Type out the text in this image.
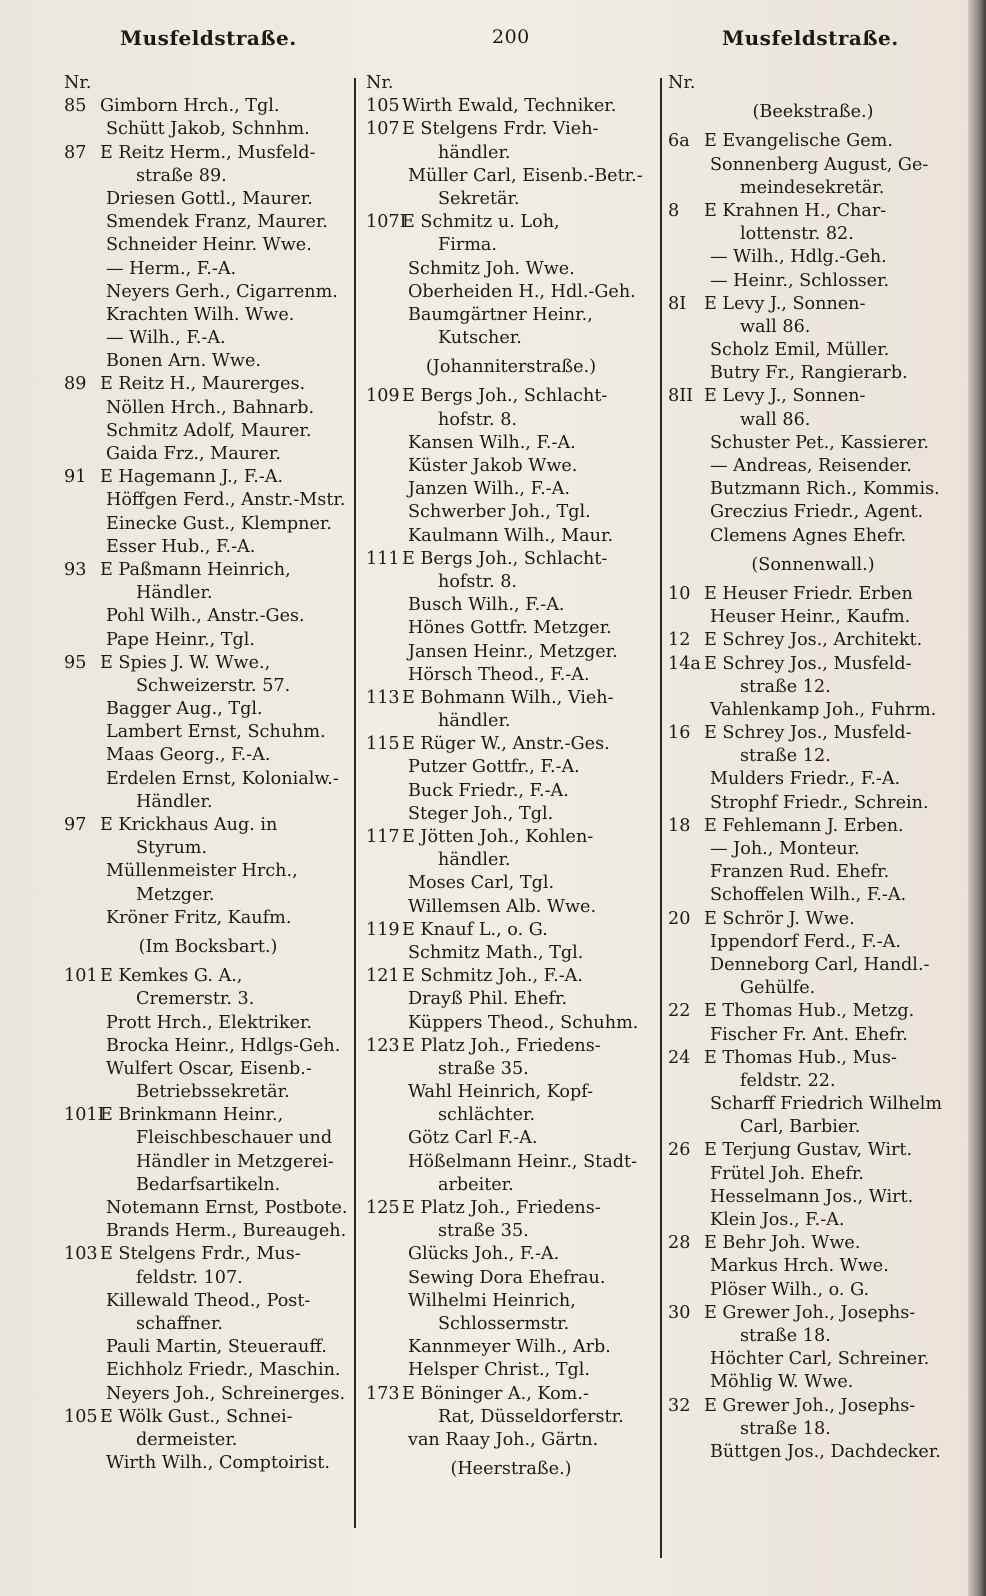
Musfeldstraße.	200	Musfeldstraße.
Nr.
85 Gimborn Hrch., Tgl.
Schütt Jakob, Schnhm.
87 E Reitz Herm., Musfeld-
straße 89.
Driesen Gottl., Maurer.
Smendek Franz, Maurer.
Schneider Heinr. Wwe.
— Herm., F.-A.
Neyers Gerh., Cigarrenm.
Krachten Wilh. Wwe.
— Wilh., F.-A.
Bonen Arn. Wwe.
89 E Reitz H., Maurerges.
Nöllen Hrch., Bahnarb.
Schmitz Adolf, Maurer.
Gaida Frz., Maurer.
91 E Hagemann J., F.-A.
Höffgen Ferd., Anstr.-Mstr.
Einecke Gust., Klempner.
Esser Hub., F.-A.
93 E Paßmann Heinrich,
Händler.
Pohl Wilh., Anstr.-Ges.
Pape Heinr., Tgl.
95 E Spies J. W. Wwe.,
Schweizerstr. 57.
Bagger Aug., Tgl.
Lambert Ernst, Schuhm.
Maas Georg., F.-A.
Erdelen Ernst, Kolonialw.-
Händler.
97 E Krickhaus Aug. in
Styrum.
Müllenmeister Hrch.,
Metzger.
Kröner Fritz, Kaufm.
(Im Bocksbart.)
101 E Kemkes G. A.,
Cremerstr. 3.
Prott Hrch., Elektriker.
Brocka Heinr., Hdlgs-Geh.
Wulfert Oscar, Eisenb.-
Betriebssekretär.
101IE Brinkmann Heinr.,
Fleischbeschauer und
Händler in Metzgerei-
Bedarfsartikeln.
Notemann Ernst, Postbote.
Brands Herm., Bureaugeh.
103 E Stelgens Frdr., Mus-
feldstr. 107.
Killewald Theod., Post-
schaffner.
Pauli Martin, Steuerauff.
Eichholz Friedr., Maschin.
Neyers Joh., Schreinerges.
105 E Wölk Gust., Schnei-
dermeister.
Wirth Wilh., Comptoirist.
Nr.
105 Wirth Ewald, Techniker.
107 E Stelgens Frdr. Vieh-
händler.
Müller Carl, Eisenb.-Betr.-
Sekretär.
107IE Schmitz u. Loh,
Firma.
Schmitz Joh. Wwe.
Oberheiden H., Hdl.-Geh.
Baumgärtner Heinr.,
Kutscher.
(Johanniterstraße.)
109 E Bergs Joh., Schlacht-
hofstr. 8.
Kansen Wilh., F.-A.
Küster Jakob Wwe.
Janzen Wilh., F.-A.
Schwerber Joh., Tgl.
Kaulmann Wilh., Maur.
111 E Bergs Joh., Schlacht-
hofstr. 8.
Busch Wilh., F.-A.
Hönes Gottfr. Metzger.
Jansen Heinr., Metzger.
Hörsch Theod., F.-A.
113 E Bohmann Wilh., Vieh-
händler.
115 E Rüger W., Anstr.-Ges.
Putzer Gottfr., F.-A.
Buck Friedr., F.-A.
Steger Joh., Tgl.
117 E Jötten Joh., Kohlen-
händler.
Moses Carl, Tgl.
Willemsen Alb. Wwe.
119 E Knauf L., o. G.
Schmitz Math., Tgl.
121 E Schmitz Joh., F.-A.
Drayß Phil. Ehefr.
Küppers Theod., Schuhm.
123 E Platz Joh., Friedens-
straße 35.
Wahl Heinrich, Kopf-
schlächter.
Götz Carl F.-A.
Hößelmann Heinr., Stadt-
arbeiter.
125 E Platz Joh., Friedens-
straße 35.
Glücks Joh., F.-A.
Sewing Dora Ehefrau.
Wilhelmi Heinrich,
Schlossermstr.
Kannmeyer Wilh., Arb.
Helsper Christ., Tgl.
173 E Böninger A., Kom.-
Rat, Düsseldorferstr.
van Raay Joh., Gärtn.
(Heerstraße.)
Nr.
(Beekstraße.)
6a E Evangelische Gem.
Sonnenberg August, Ge-
meindesekretär.
8 E Krahnen H., Char-
lottenstr. 82.
— Wilh., Hdlg.-Geh.
— Heinr., Schlosser.
8I E Levy J., Sonnen-
wall 86.
Scholz Emil, Müller.
Butry Fr., Rangierarb.
8II E Levy J., Sonnen-
wall 86.
Schuster Pet., Kassierer.
— Andreas, Reisender.
Butzmann Rich., Kommis.
Greczius Friedr., Agent.
Clemens Agnes Ehefr.
(Sonnenwall.)
10 E Heuser Friedr. Erben
Heuser Heinr., Kaufm.
12 E Schrey Jos., Architekt.
14a E Schrey Jos., Musfeld-
straße 12.
Vahlenkamp Joh., Fuhrm.
16 E Schrey Jos., Musfeld-
straße 12.
Mulders Friedr., F.-A.
Strophf Friedr., Schrein.
18 E Fehlemann J. Erben.
— Joh., Monteur.
Franzen Rud. Ehefr.
Schoffelen Wilh., F.-A.
20 E Schrör J. Wwe.
Ippendorf Ferd., F.-A.
Denneborg Carl, Handl.-
Gehülfe.
22 E Thomas Hub., Metzg.
Fischer Fr. Ant. Ehefr.
24 E Thomas Hub., Mus-
feldstr. 22.
Scharff Friedrich Wilhelm
Carl, Barbier.
26 E Terjung Gustav, Wirt.
Frütel Joh. Ehefr.
Hesselmann Jos., Wirt.
Klein Jos., F.-A.
28 E Behr Joh. Wwe.
Markus Hrch. Wwe.
Plöser Wilh., o. G.
30 E Grewer Joh., Josephs-
straße 18.
Höchter Carl, Schreiner.
Möhlig W. Wwe.
32 E Grewer Joh., Josephs-
straße 18.
Büttgen Jos., Dachdecker.
